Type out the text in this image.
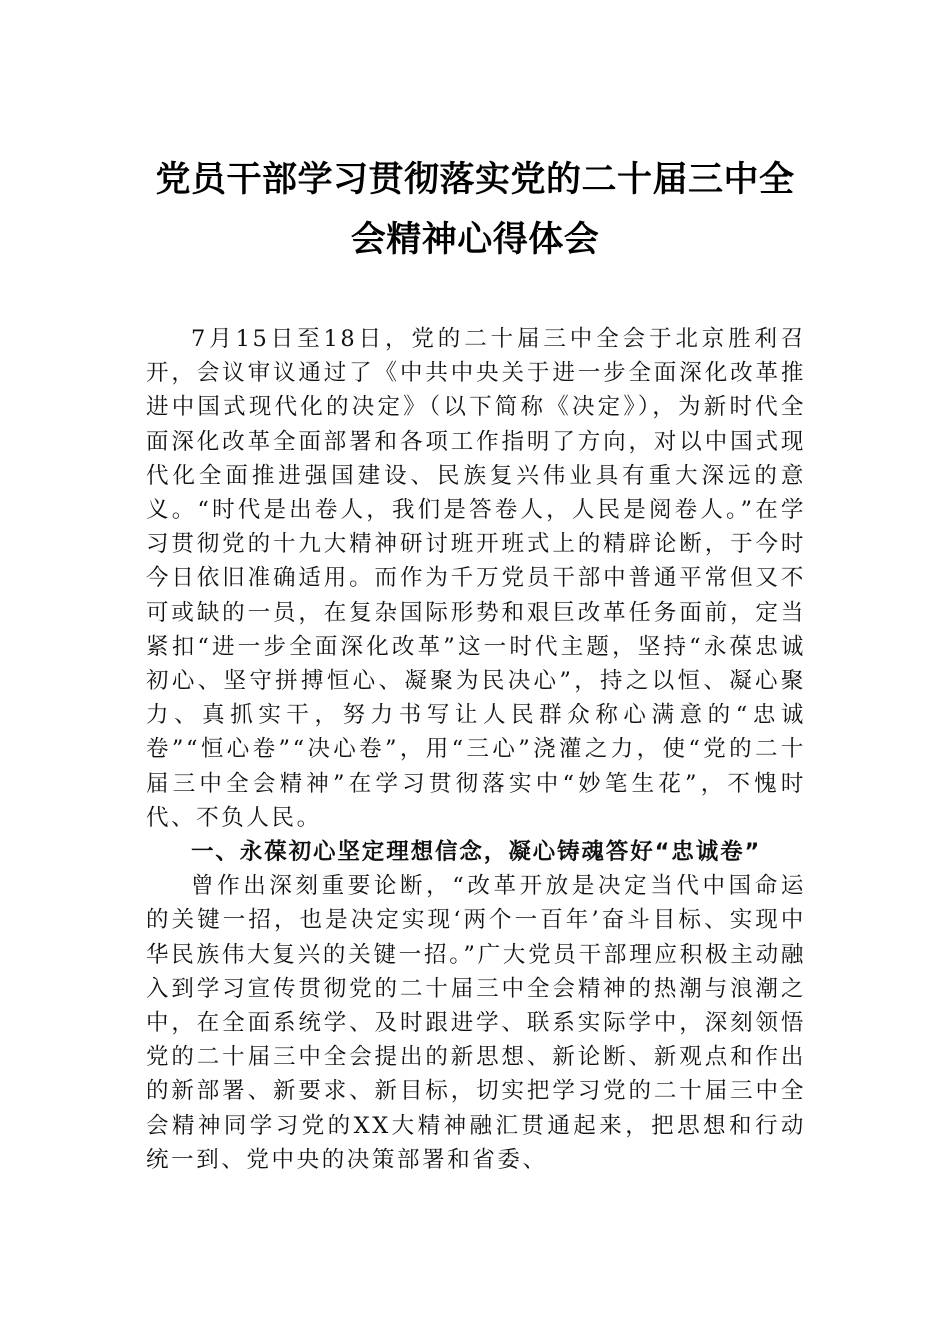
党员干部学习贯彻落实党的二十届三中全会精神心得体会

7月15日至18日，党的二十届三中全会于北京胜利召开，会议审议通过了《中共中央关于进一步全面深化改革推进中国式现代化的决定》（以下简称《决定》），为新时代全面深化改革全面部署和各项工作指明了方向，对以中国式现代化全面推进强国建设、民族复兴伟业具有重大深远的意义。“时代是出卷人，我们是答卷人，人民是阅卷人。”在学习贯彻党的十九大精神研讨班开班式上的精辟论断，于今时今日依旧准确适用。而作为千万党员干部中普通平常但又不可或缺的一员，在复杂国际形势和艰巨改革任务面前，定当紧扣“进一步全面深化改革”这一时代主题，坚持“永葆忠诚初心、坚守拼搏恒心、凝聚为民决心”，持之以恒、凝心聚力、真抓实干，努力书写让人民群众称心满意的“忠诚卷”“恒心卷”“决心卷”，用“三心”浇灌之力，使“党的二十届三中全会精神”在学习贯彻落实中“妙笔生花”，不愧时代、不负人民。

一、永葆初心坚定理想信念，凝心铸魂答好“忠诚卷”

曾作出深刻重要论断，“改革开放是决定当代中国命运的关键一招，也是决定实现‘两个一百年’奋斗目标、实现中华民族伟大复兴的关键一招。”广大党员干部理应积极主动融入到学习宣传贯彻党的二十届三中全会精神的热潮与浪潮之中，在全面系统学、及时跟进学、联系实际学中，深刻领悟党的二十届三中全会提出的新思想、新论断、新观点和作出的新部署、新要求、新目标，切实把学习党的二十届三中全会精神同学习党的XX大精神融汇贯通起来，把思想和行动统一到、党中央的决策部署和省委、
